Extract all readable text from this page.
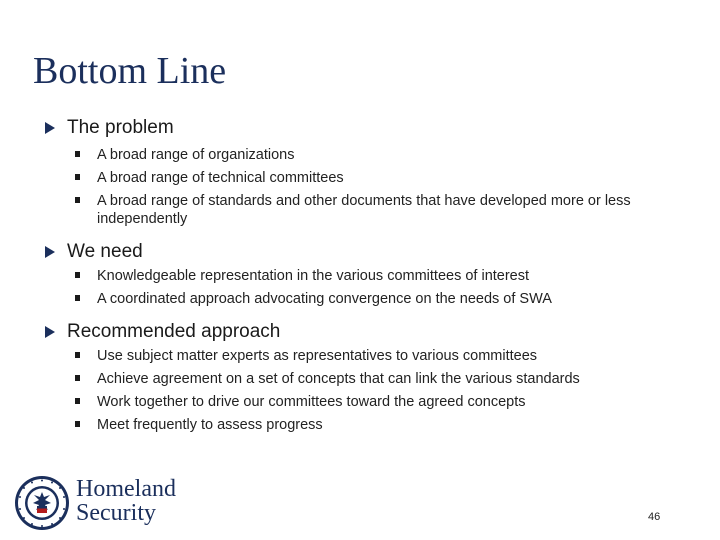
Bottom Line
The problem
A broad range of organizations
A broad range of technical committees
A broad range of standards and other documents that have developed more or less independently
We need
Knowledgeable representation in the various committees of interest
A coordinated approach advocating convergence on the needs of SWA
Recommended approach
Use subject matter experts as representatives to various committees
Achieve agreement on a set of concepts that can link the various standards
Work together to drive our committees toward the agreed concepts
Meet frequently to assess progress
Homeland
Security	46
